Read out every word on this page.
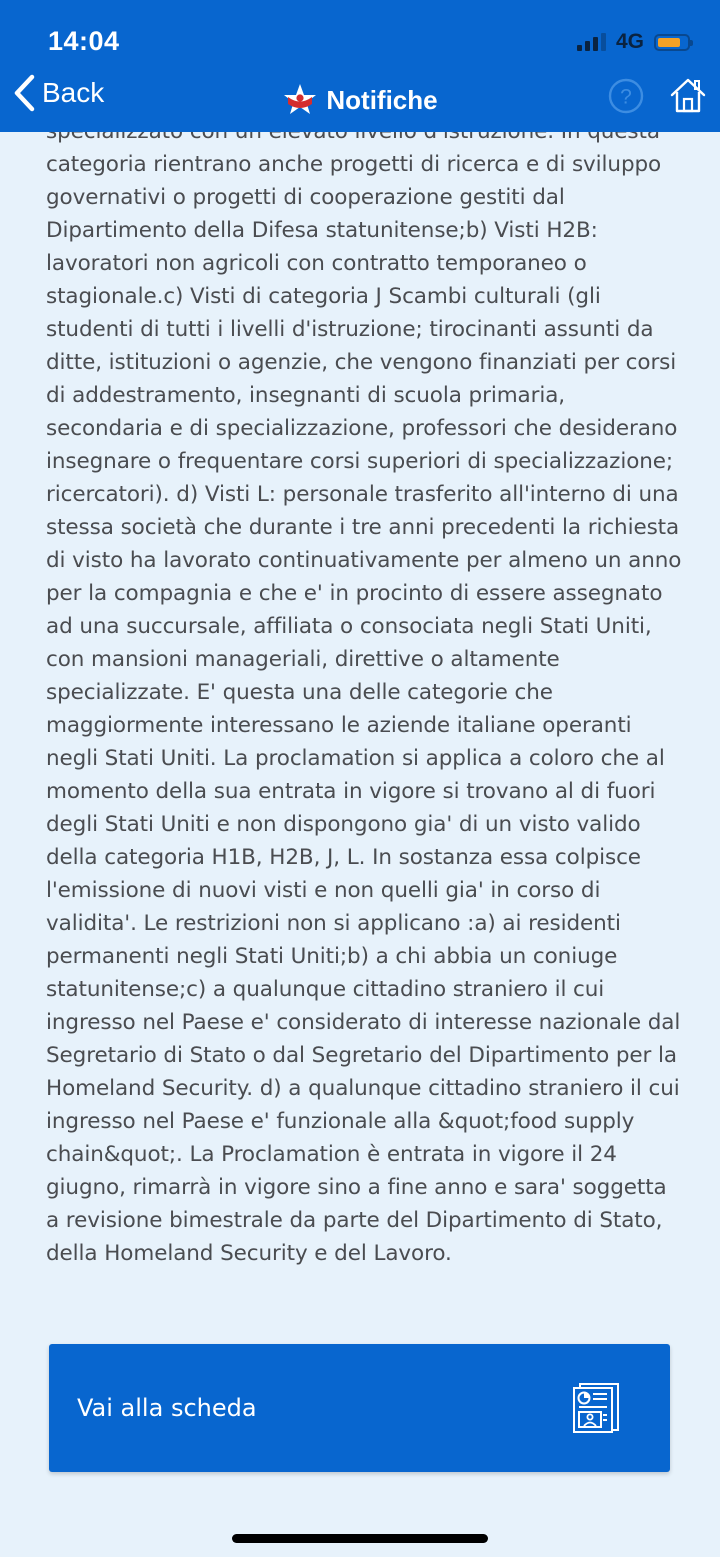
14:04	4G
Back	Notifiche	?

categoria rientrano anche progetti di ricerca e di sviluppo governativi o progetti di cooperazione gestiti dal Dipartimento della Difesa statunitense;b) Visti H2B: lavoratori non agricoli con contratto temporaneo o stagionale.c) Visti di categoria J Scambi culturali (gli studenti di tutti i livelli d'istruzione; tirocinanti assunti da ditte, istituzioni o agenzie, che vengono finanziati per corsi di addestramento, insegnanti di scuola primaria, secondaria e di specializzazione, professori che desiderano insegnare o frequentare corsi superiori di specializzazione; ricercatori). d) Visti L: personale trasferito all'interno di una stessa società che durante i tre anni precedenti la richiesta di visto ha lavorato continuativamente per almeno un anno per la compagnia e che e' in procinto di essere assegnato ad una succursale, affiliata o consociata negli Stati Uniti, con mansioni manageriali, direttive o altamente specializzate. E' questa una delle categorie che maggiormente interessano le aziende italiane operanti negli Stati Uniti. La proclamation si applica a coloro che al momento della sua entrata in vigore si trovano al di fuori degli Stati Uniti e non dispongono gia' di un visto valido della categoria H1B, H2B, J, L. In sostanza essa colpisce l'emissione di nuovi visti e non quelli gia' in corso di validita'. Le restrizioni non si applicano :a) ai residenti permanenti negli Stati Uniti;b) a chi abbia un coniuge statunitense;c) a qualunque cittadino straniero il cui ingresso nel Paese e' considerato di interesse nazionale dal Segretario di Stato o dal Segretario del Dipartimento per la Homeland Security. d) a qualunque cittadino straniero il cui ingresso nel Paese e' funzionale alla &quot;food supply chain&quot;. La Proclamation è entrata in vigore il 24 giugno, rimarrà in vigore sino a fine anno e sara' soggetta a revisione bimestrale da parte del Dipartimento di Stato, della Homeland Security e del Lavoro.

Vai alla scheda
